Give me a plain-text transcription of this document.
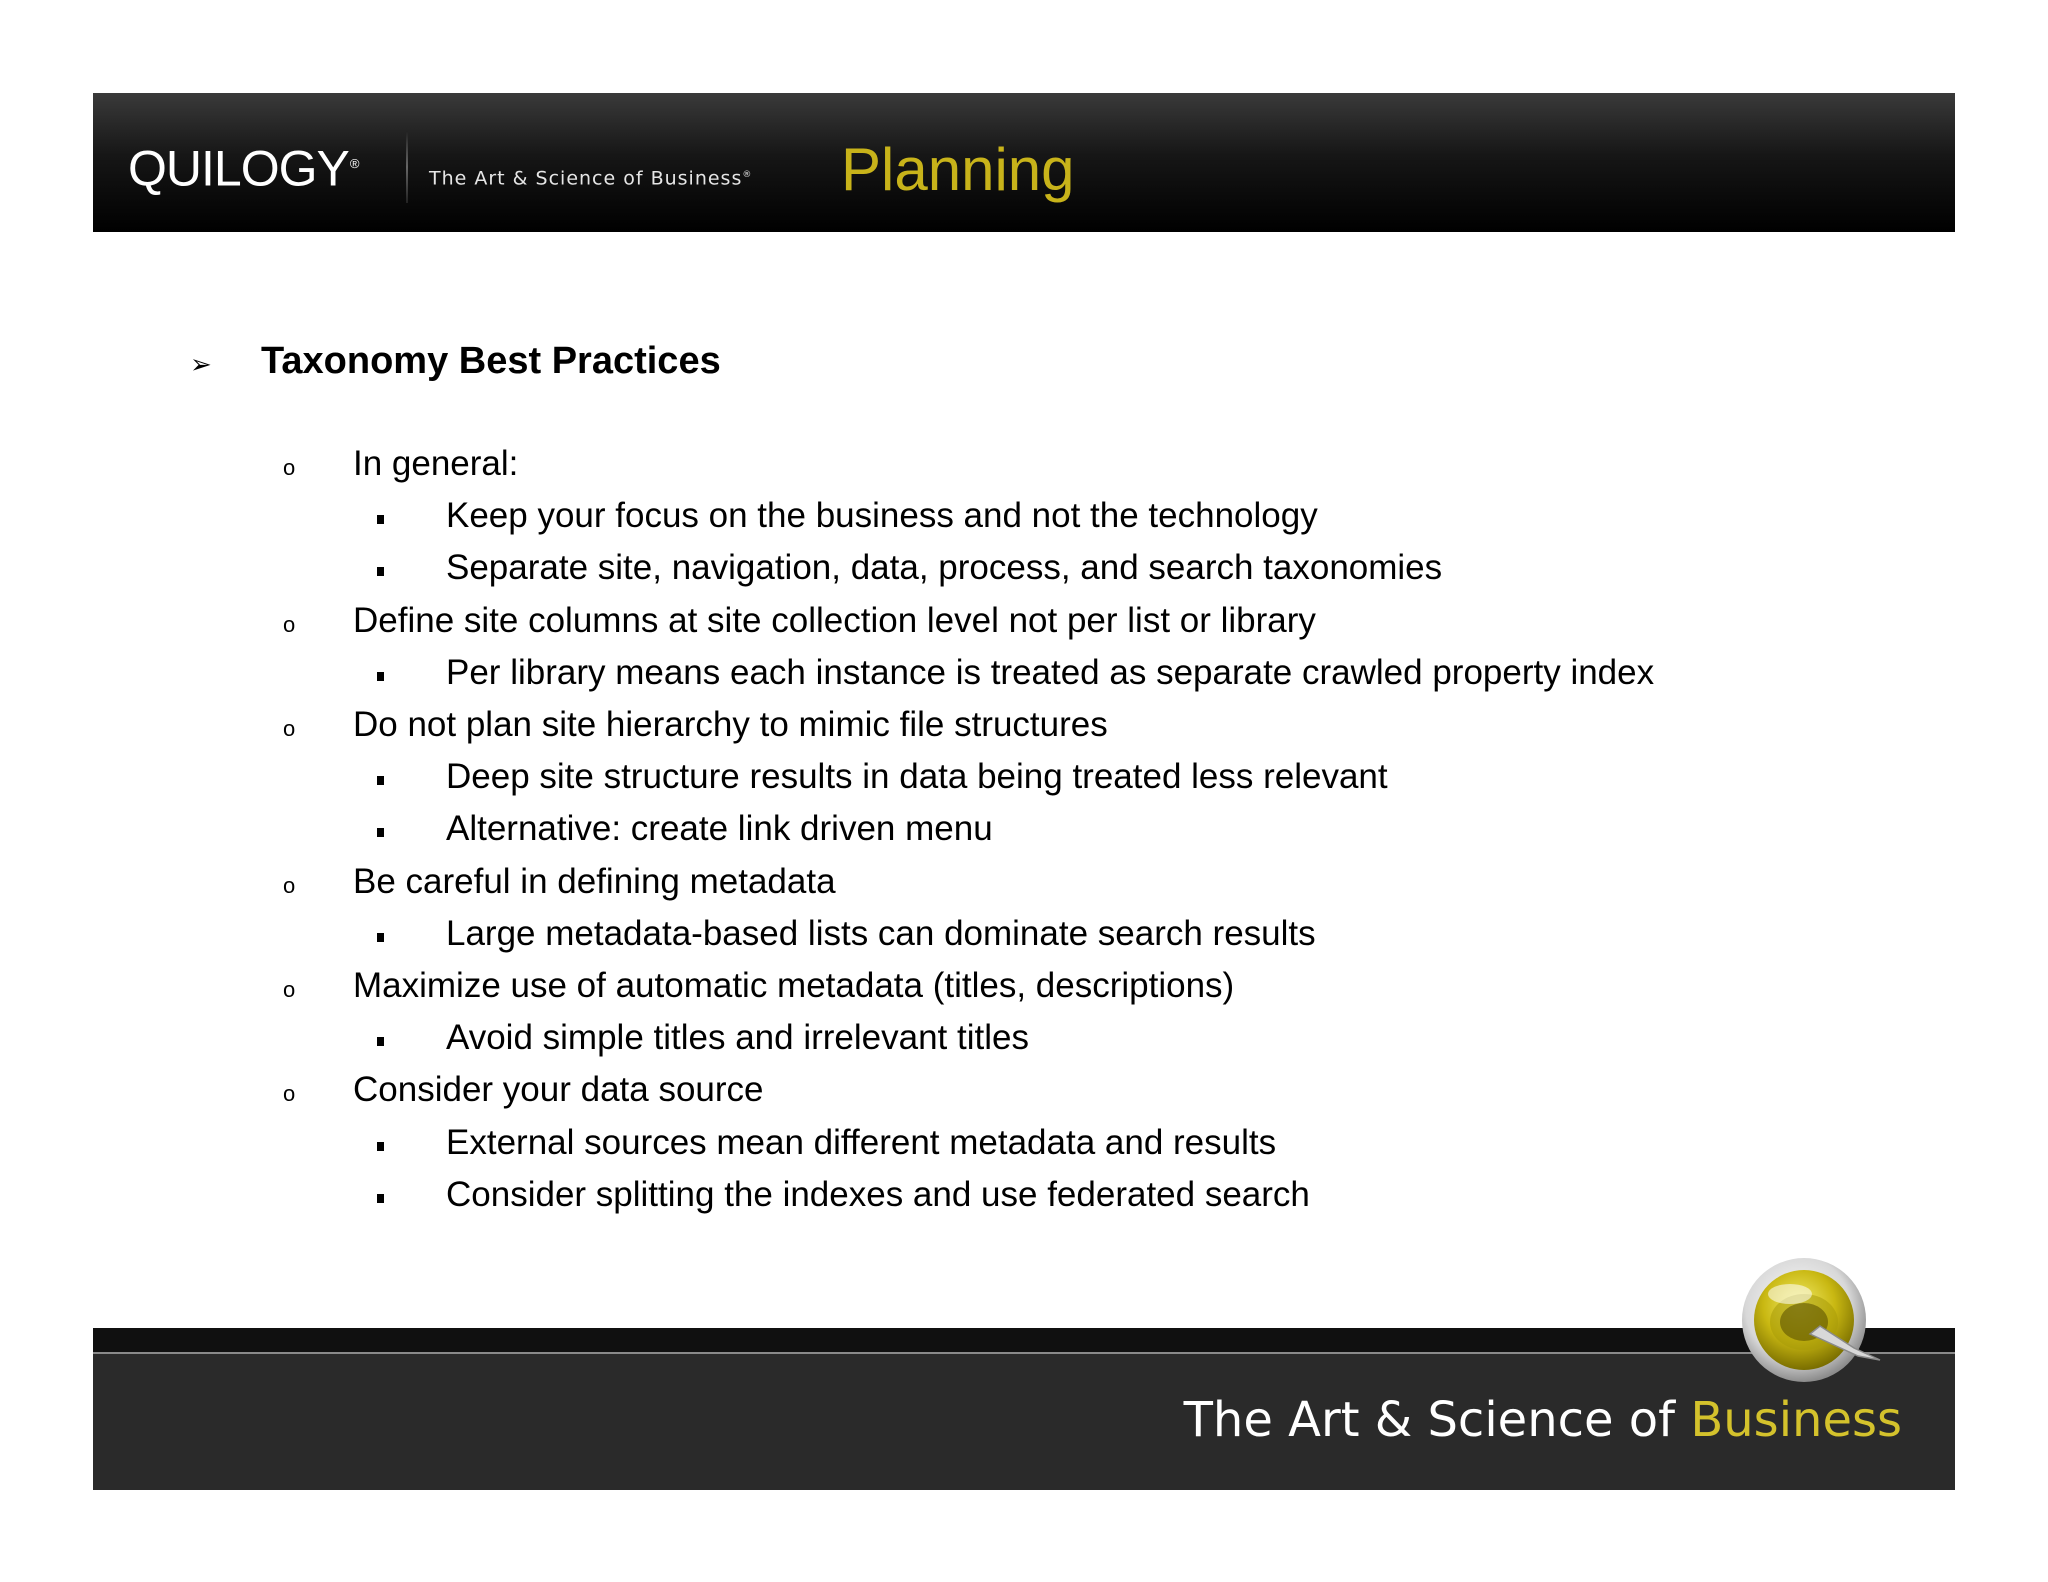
QUILOGY®
The Art & Science of Business® Planning
➢ Taxonomy Best Practices
o In general:
Keep your focus on the business and not the technology
Separate site, navigation, data, process, and search taxonomies
o Define site columns at site collection level not per list or library
Per library means each instance is treated as separate crawled property index
o Do not plan site hierarchy to mimic file structures
Deep site structure results in data being treated less relevant
Alternative: create link driven menu
o Be careful in defining metadata
Large metadata-based lists can dominate search results
o Maximize use of automatic metadata (titles, descriptions)
Avoid simple titles and irrelevant titles
o Consider your data source
External sources mean different metadata and results
Consider splitting the indexes and use federated search
The Art & Science of Business
